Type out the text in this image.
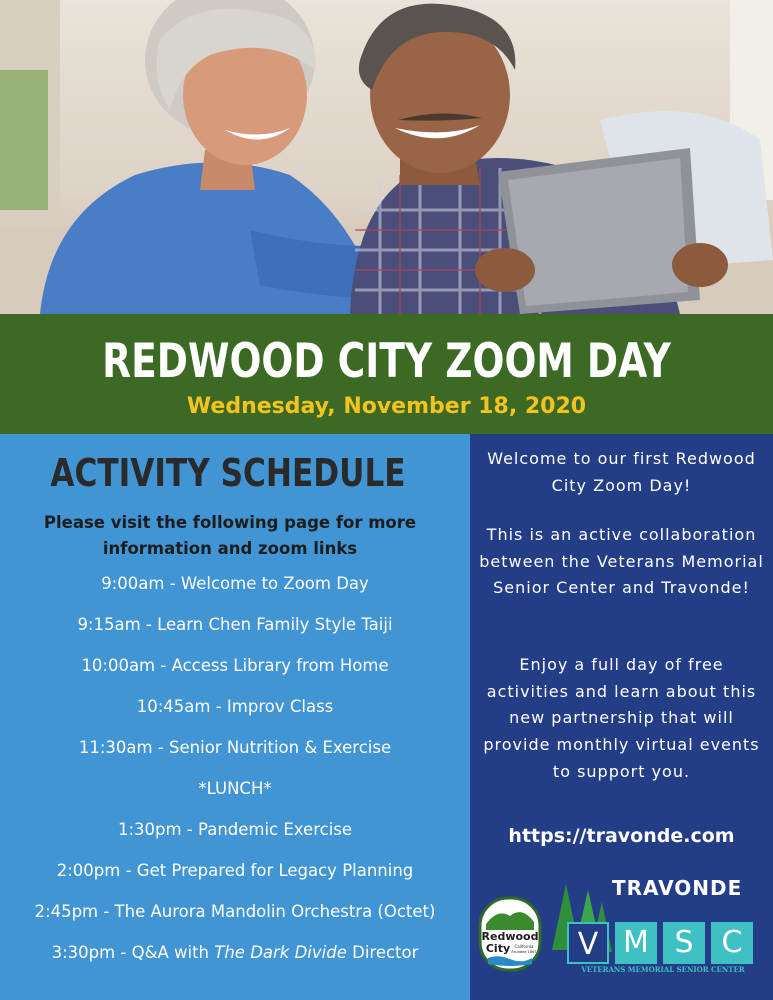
REDWOOD CITY ZOOM DAY
Wednesday, November 18, 2020
ACTIVITY SCHEDULE
Please visit the following page for more information and zoom links
9:00am - Welcome to Zoom Day
9:15am - Learn Chen Family Style Taiji
10:00am - Access Library from Home
10:45am - Improv Class
11:30am - Senior Nutrition & Exercise
*LUNCH*
1:30pm - Pandemic Exercise
2:00pm - Get Prepared for Legacy Planning
2:45pm - The Aurora Mandolin Orchestra (Octet)
3:30pm - Q&A with The Dark Divide Director
Welcome to our first Redwood City Zoom Day!
This is an active collaboration between the Veterans Memorial Senior Center and Travonde!
Enjoy a full day of free activities and learn about this new partnership that will provide monthly virtual events to support you.
https://travonde.com
Redwood
City California
Founded 1867
TRAVONDE
V M S C
VETERANS MEMORIAL SENIOR CENTER
